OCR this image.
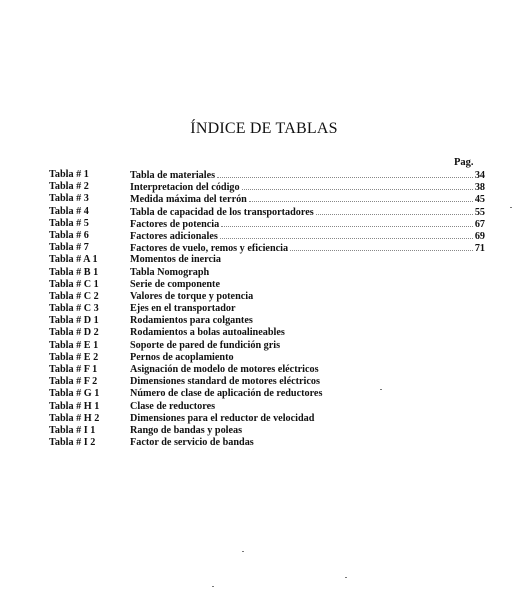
ÍNDICE DE TABLAS
Pag.
Tabla # 1	Tabla de materiales	34
Tabla # 2	Interpretacion del código	38
Tabla # 3	Medida máxima del terrón	45
Tabla # 4	Tabla de capacidad de los transportadores	55
Tabla # 5	Factores de potencia	67
Tabla # 6	Factores adicionales	69
Tabla # 7	Factores de vuelo, remos y eficiencia	71
Tabla # A 1	Momentos de inercia
Tabla # B 1	Tabla Nomograph
Tabla # C 1	Serie de componente
Tabla # C 2	Valores de torque y potencia
Tabla # C 3	Ejes en el transportador
Tabla # D 1	Rodamientos para colgantes
Tabla # D 2	Rodamientos a bolas autoalineables
Tabla # E 1	Soporte de pared de fundición gris
Tabla # E 2	Pernos de acoplamiento
Tabla # F 1	Asignación de modelo de motores eléctricos
Tabla # F 2	Dimensiones standard de motores eléctricos
Tabla # G 1	Número de clase de aplicación de reductores
Tabla # H 1	Clase de reductores
Tabla # H 2	Dimensiones para el reductor de velocidad
Tabla # I 1	Rango de bandas y poleas
Tabla # I 2	Factor de servicio de bandas
